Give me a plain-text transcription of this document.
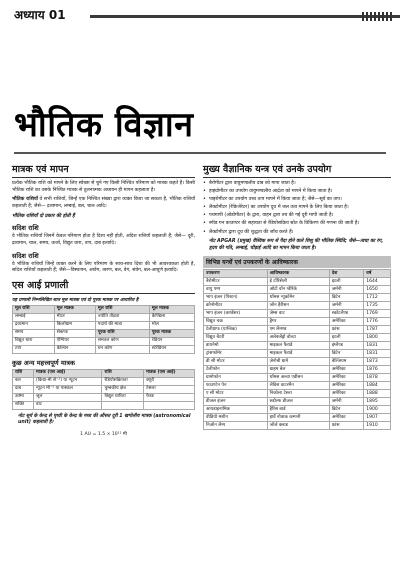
अध्याय 01
भौतिक विज्ञान
मात्रक एवं मापन

प्रत्येक भौतिक राशि को मापने के लिए स्वेच्छा से चुने गए किसी निश्चित परिमाण को मात्रक कहते हैं। किसी भौतिक राशि का उसके निश्चित मात्रक से तुलनात्मक अध्ययन ही मापन कहलाता है।

भौतिक राशियाँ वे सभी राशियाँ, जिन्हें एक निश्चित संख्या द्वारा व्यक्त किया जा सकता है, भौतिक राशियाँ कहलाती हैं; जैसे— द्रव्यमान, लम्बाई, बल, चाल आदि।

भौतिक राशियाँ दो प्रकार की होती हैं

सदिश राशि

वे भौतिक राशियाँ जिनमें केवल परिमाण होता है दिशा नहीं होती, अदिश राशियाँ कहलाती हैं; जैसे— दूरी, द्रव्यमान, चाल, समय, ऊर्जा, विद्युत धारा, ताप, दाब इत्यादि।

सदिश राशि

वे भौतिक राशियाँ जिन्हें व्यक्त करने के लिए परिमाण के साथ-साथ दिशा की भी आवश्यकता होती है, सदिश राशियाँ कहलाती हैं; जैसे—विस्थापन, आवेग, त्वरण, बल, वेग, संवेग, बल-आघूर्ण इत्यादि।

एस आई प्रणाली

यह प्रणाली निम्नलिखित सात मूल मात्रक एवं दो पूरक मात्रक पर आधारित है

मूल राशि	मूल मात्रक	मूल राशि	मूल मात्रक
लम्बाई	मीटर	ज्योति तीव्रता	कैण्डिला
द्रव्यमान	किलोग्राम	पदार्थ की मात्रा	मोल
समय	सेकण्ड	पूरक राशि	पूरक मात्रक
विद्युत धारा	ऐम्पियर	समतल कोण	रेडियन
ताप	केल्विन	घन कोण	स्टेरेडियन
कुछ अन्य महत्त्वपूर्ण मात्रक
राशि	मात्रक (एस आई)	राशि	मात्रक (एस आई)
बल	(किग्रा-मी से⁻²) या न्यूटन	रेडियोसक्रियता	क्यूरी
दाब	न्यूटन मी⁻² या पास्कल	चुम्बकीय क्षेत्र	टेसला
ऊष्मा	जूल	विद्युत धारिता	फैरड
शक्ति	वाट		

नोट सूर्य के केन्द्र से पृथ्वी के केन्द्र के मध्य की औसत दूरी 1 खगोलीय मात्रक (astronomical unit) कहलाती है।

1 AU = 1.5 × 10¹¹ मी

मुख्य वैज्ञानिक यन्त्र एवं उनके उपयोग
• बैरोमीटर द्वारा वायुमण्डलीय दाब को मापा जाता है।
• हाइग्रोमीटर का उपयोग वायुमण्डलीय आर्द्रता को मापने में किया जाता है।
• पाइरोमीटर का उपयोग उच्च ताप मापने में किया जाता है; जैसे—सूर्य का ताप।
• लैक्टोमीटर (रेफ्रिजेरेटर) का उपयोग दूध में जल तत्व मापने के लिए किया जाता है।
• पथमापी (ओडोमीटर) के द्वारा, वाहन द्वारा तय की गई दूरी मापी जाती है।
• स्पीड गन काउण्टर की सहायता से रेडियोसक्रिय स्रोत के विकिरण की गणना की जाती है।
• लैक्टोमीटर द्वारा दूध की शुद्धता की जाँच करते हैं।

नोट APGAR (प्रमुख) वैश्विक रूप से पैदा होने वाले शिशु की भौतिक स्थिति; जैसे—त्वचा का रंग, हृदय की गति, लम्बाई, चौड़ाई आदि का मापन किया जाता है।

विभिन्न यन्त्रों एवं उपकरणों के आविष्कारक
उपकरण	आविष्कारक	देश	वर्ष
बैरोमीटर	ई टॉरिसेली	इटली	1644
वायु पम्प	ओटो वॉन ग्वेरिके	जर्मनी	1650
भाप इंजन (पिस्टन)	थॉमस न्यूकॉमेन	ब्रिटेन	1712
क्रोनोमीटर	जॉन हैरीसन	जर्मनी	1735
भाप इंजन (कण्डेंसर)	जेम्स वाट	स्कॉटलैण्ड	1769
विद्युत चक्र	ड्रैगर	अमेरिका	1776
टेलीग्राफ (यान्त्रिक)	एम लैमण्ड	फ्रांस	1787
विद्युत बैटरी	अलेक्जेंड्रो वोल्टा	इटली	1800
डायनेमो	माइकल फैराडे	इंग्लैण्ड	1831
ट्रांसफॉर्मर	माइकल फैराडे	ब्रिटेन	1831
डी सी मोटर	ज़ेनोबी ग्रामे	बेल्जियम	1873
टेलीफोन	ग्राहम बेल	अमेरिका	1876
ग्रामोफोन	थॉमस अल्वा एडीसन	अमेरिका	1878
फाउण्टेन पेन	लेविस वाटरमैन	अमेरिका	1884
ए सी मोटर	निकोला टेस्ला	अमेरिका	1888
डीजल इंजन	रुडोल्फ डीजल	जर्मनी	1895
आयडाइनामिक	हैरिस बार्ड	ब्रिटेन	1900
वीडियो मशीन	हार्वे नोवाक कम्पनी	अमेरिका	1907
निऑन लैम्प	जॉर्ज क्लाड	फ्रांस	1910
